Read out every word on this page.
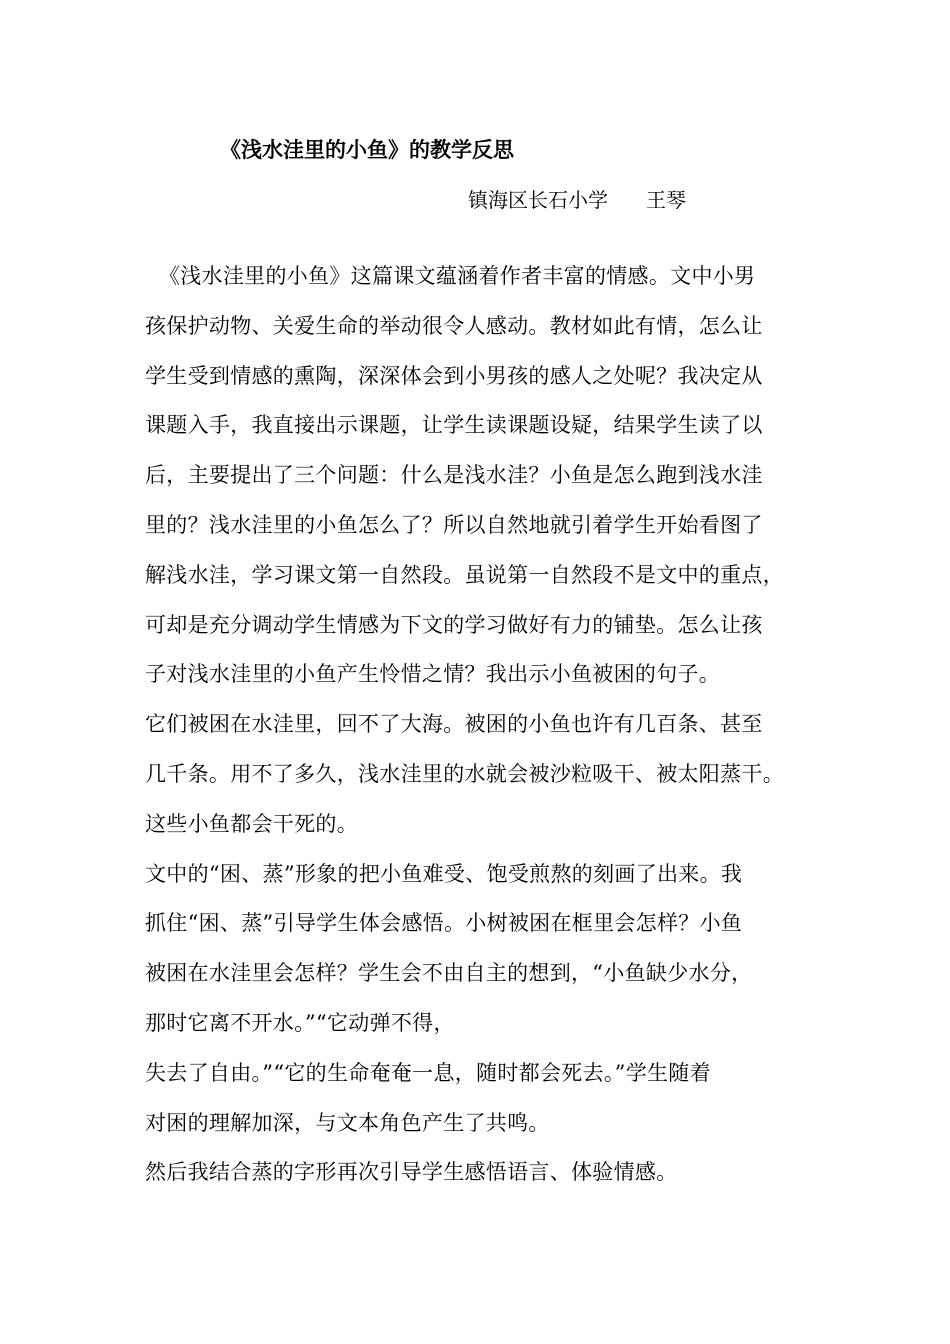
《浅水洼里的小鱼》的教学反思
镇海区长石小学 王琴
《浅水洼里的小鱼》这篇课文蕴涵着作者丰富的情感。文中小男
孩保护动物、关爱生命的举动很令人感动。教材如此有情，怎么让
学生受到情感的熏陶，深深体会到小男孩的感人之处呢？我决定从
课题入手，我直接出示课题，让学生读课题设疑，结果学生读了以
后，主要提出了三个问题：什么是浅水洼？小鱼是怎么跑到浅水洼
里的？浅水洼里的小鱼怎么了？所以自然地就引着学生开始看图了
解浅水洼，学习课文第一自然段。虽说第一自然段不是文中的重点，
可却是充分调动学生情感为下文的学习做好有力的铺垫。怎么让孩
子对浅水洼里的小鱼产生怜惜之情？我出示小鱼被困的句子。
它们被困在水洼里，回不了大海。被困的小鱼也许有几百条、甚至
几千条。用不了多久，浅水洼里的水就会被沙粒吸干、被太阳蒸干。
这些小鱼都会干死的。
文中的“困、蒸”形象的把小鱼难受、饱受煎熬的刻画了出来。我
抓住“困、蒸”引导学生体会感悟。小树被困在框里会怎样？小鱼
被困在水洼里会怎样？学生会不由自主的想到，“小鱼缺少水分，
那时它离不开水。”“它动弹不得，
失去了自由。”“它的生命奄奄一息，随时都会死去。”学生随着
对困的理解加深，与文本角色产生了共鸣。
然后我结合蒸的字形再次引导学生感悟语言、体验情感。
